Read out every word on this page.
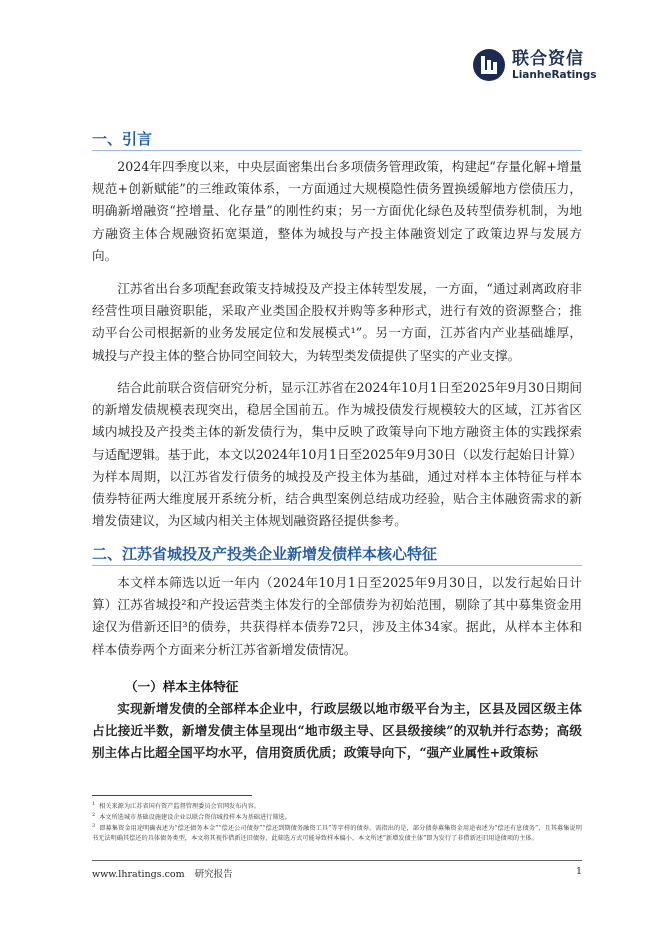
联合资信
LianheRatings
一、引言

2024年四季度以来，中央层面密集出台多项债务管理政策，构建起“存量化解+增量规范+创新赋能”的三维政策体系，一方面通过大规模隐性债务置换缓解地方偿债压力，明确新增融资“控增量、化存量”的刚性约束；另一方面优化绿色及转型债券机制，为地方融资主体合规融资拓宽渠道，整体为城投与产投主体融资划定了政策边界与发展方向。

江苏省出台多项配套政策支持城投及产投主体转型发展，一方面，“通过剥离政府非经营性项目融资职能，采取产业类国企股权并购等多种形式，进行有效的资源整合；推动平台公司根据新的业务发展定位和发展模式¹”。另一方面，江苏省内产业基础雄厚，城投与产投主体的整合协同空间较大，为转型类发债提供了坚实的产业支撑。

结合此前联合资信研究分析，显示江苏省在2024年10月1日至2025年9月30日期间的新增发债规模表现突出，稳居全国前五。作为城投债发行规模较大的区域，江苏省区域内城投及产投类主体的新发债行为，集中反映了政策导向下地方融资主体的实践探索与适配逻辑。基于此，本文以2024年10月1日至2025年9月30日（以发行起始日计算）为样本周期，以江苏省发行债务的城投及产投主体为基础，通过对样本主体特征与样本债券特征两大维度展开系统分析，结合典型案例总结成功经验，贴合主体融资需求的新增发债建议，为区域内相关主体规划融资路径提供参考。

二、江苏省城投及产投类企业新增发债样本核心特征

本文样本筛选以近一年内（2024年10月1日至2025年9月30日，以发行起始日计算）江苏省城投²和产投运营类主体发行的全部债券为初始范围，剔除了其中募集资金用途仅为借新还旧³的债券，共获得样本债券72只，涉及主体34家。据此，从样本主体和样本债券两个方面来分析江苏省新增发债情况。

（一）样本主体特征

实现新增发债的全部样本企业中，行政层级以地市级平台为主，区县及园区级主体占比接近半数，新增发债主体呈现出“地市级主导、区县级接续”的双轨并行态势；高级别主体占比超全国平均水平，信用资质优质；政策导向下，“强产业属性+政策标

$^1$ 相关来源为江苏省国有资产监督管理委员会官网发布内容。
$^2$ 本文所选城市基础设施建设企业以联合资信城投样本为基础进行筛选。
$^3$ 即募集资金用途明确表述为“偿还债务本金”“偿还公司债券”“偿还到期债务融资工具”等字样的债券。需指出的是，部分债券募集资金用途表述为“偿还有息债务”，且其募集说明书无法明确其偿还的具体债务类型，本文将其视作借新还旧债券，此筛选方式可能导致样本偏小。本文所述“新增发债主体”即为发行了非借新还旧用途债项的主体。
www.lhratings.com 研究报告	1
